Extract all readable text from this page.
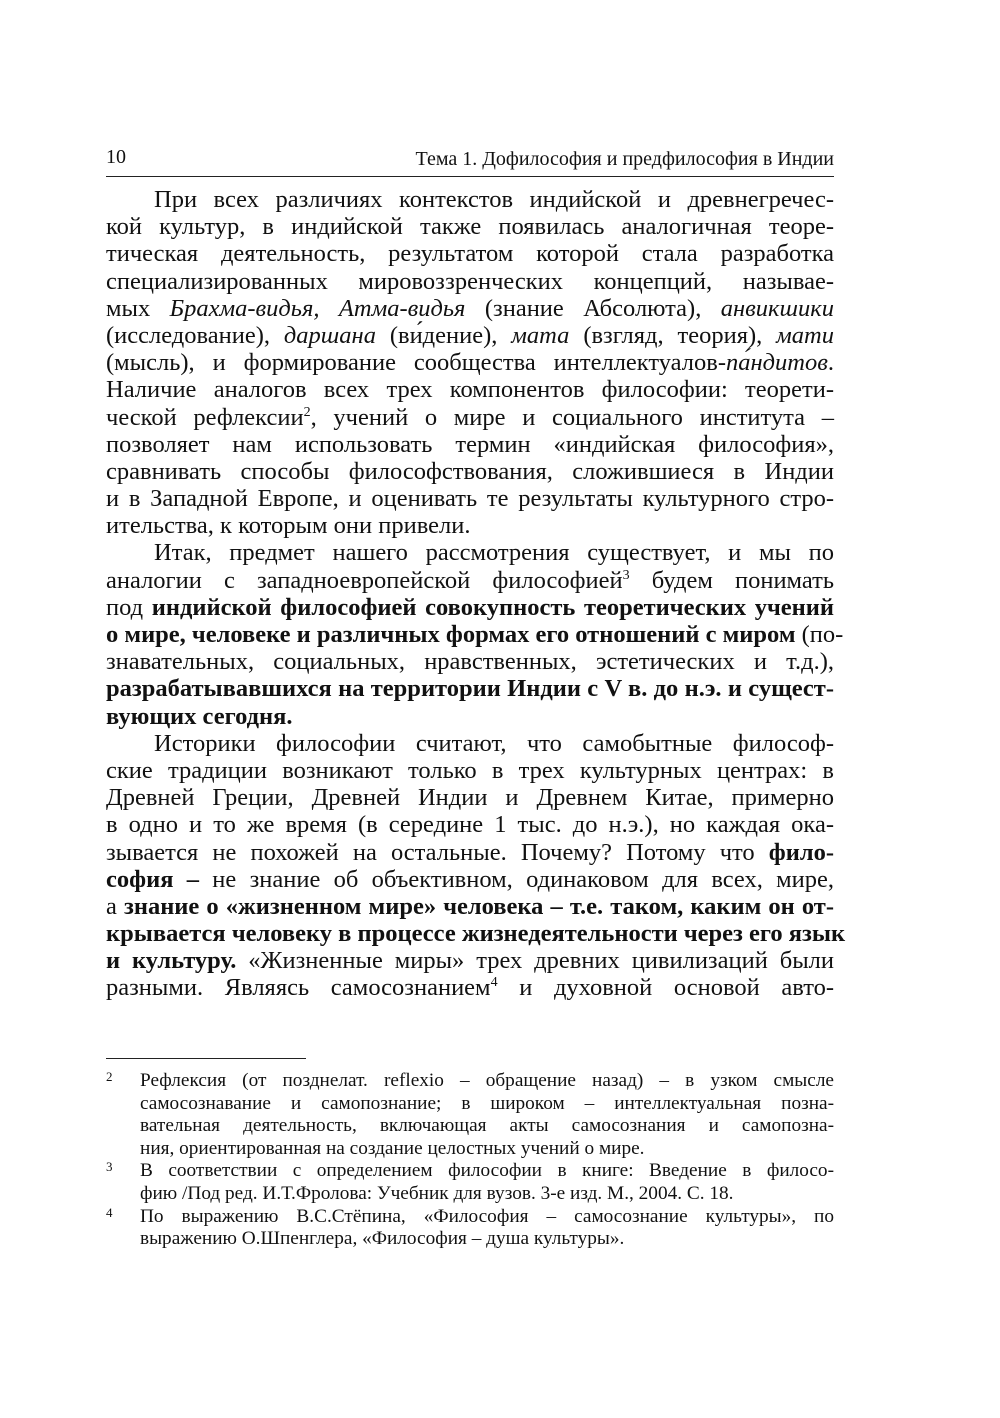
10	Тема 1. Дофилософия и предфилософия в Индии
При всех различиях контекстов индийской и древнегречес-
кой культур, в индийской также появилась аналогичная теоре-
тическая деятельность, результатом которой стала разработка
специализированных мировоззренческих концепций, называе-
мых Брахма-видья, Атма-видья (знание Абсолюта), анвикшики
(исследование), даршана (ви́дение), мата (взгляд, теория), мати
(мысль), и формирование сообщества интеллектуалов-па́ндитов.
Наличие аналогов всех трех компонентов философии: теорети-
ческой рефлексии$^2$, учений о мире и социального института –
позволяет нам использовать термин «индийская философия»,
сравнивать способы философствования, сложившиеся в Индии
и в Западной Европе, и оценивать те результаты культурного стро-
ительства, к которым они привели.
Итак, предмет нашего рассмотрения существует, и мы по
аналогии с западноевропейской философией$^3$ будем понимать
под индийской философией совокупность теоретических учений
о мире, человеке и различных формах его отношений с миром (по-
знавательных, социальных, нравственных, эстетических и т.д.),
разрабатывавшихся на территории Индии с V в. до н.э. и сущест-
вующих сегодня.
Историки философии считают, что самобытные философ-
ские традиции возникают только в трех культурных центрах: в
Древней Греции, Древней Индии и Древнем Китае, примерно
в одно и то же время (в середине 1 тыс. до н.э.), но каждая ока-
зывается не похожей на остальные. Почему? Потому что фило-
софия – не знание об объективном, одинаковом для всех, мире,
а знание о «жизненном мире» человека – т.е. таком, каким он от-
крывается человеку в процессе жизнедеятельности через его язык
и культуру. «Жизненные миры» трех древних цивилизаций были
разными. Являясь самосознанием$^4$ и духовной основой авто-
2 Рефлексия (от позднелат. reflexio – обращение назад) – в узком смысле
самосознавание и самопознание; в широком – интеллектуальная позна-
вательная деятельность, включающая акты самосознания и самопозна-
ния, ориентированная на создание целостных учений о мире.
3 В соответствии с определением философии в книге: Введение в филосо-
фию /Под ред. И.Т.Фролова: Учебник для вузов. 3-е изд. М., 2004. С. 18.
4 По выражению В.С.Стёпина, «Философия – самосознание культуры», по
выражению О.Шпенглера, «Философия – душа культуры».
